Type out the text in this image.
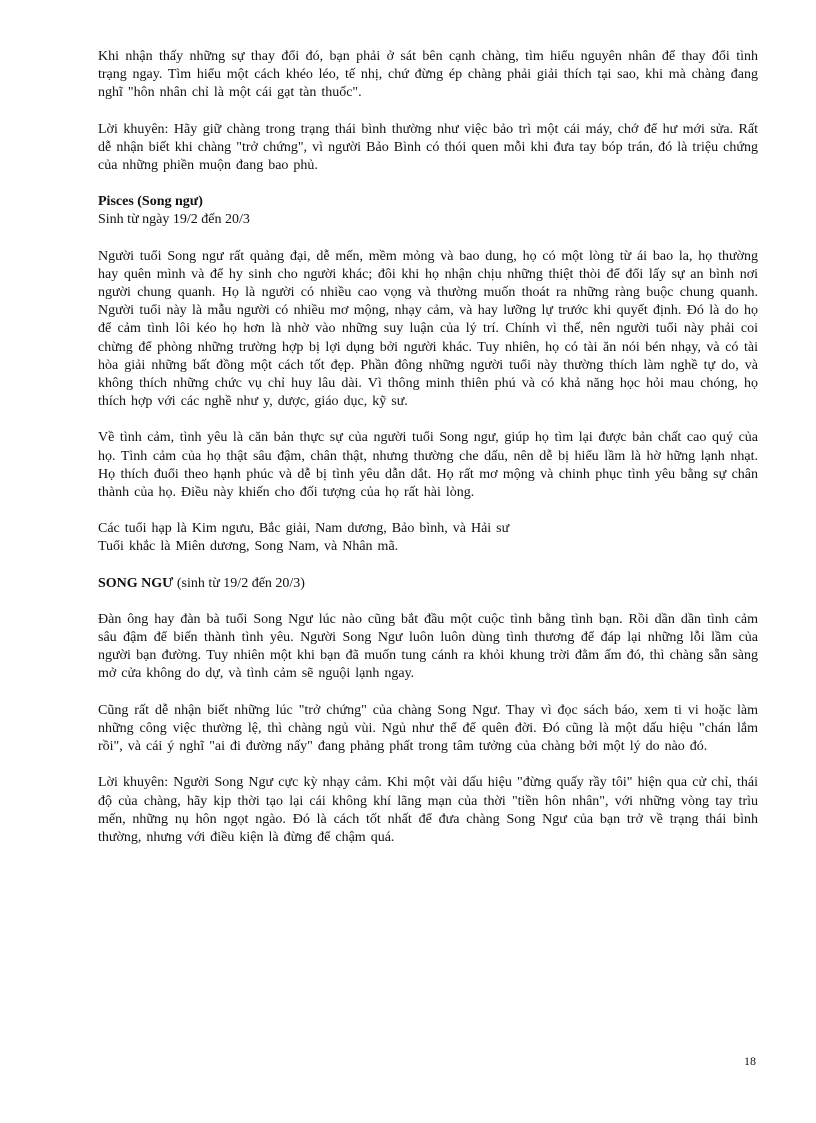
Khi nhận thấy những sự thay đổi đó, bạn phải ở sát bên cạnh chàng, tìm hiểu nguyên nhân để thay đổi tình trạng ngay. Tìm hiểu một cách khéo léo, tế nhị, chứ đừng ép chàng phải giải thích tại sao, khi mà chàng đang nghĩ "hôn nhân chỉ là một cái gạt tàn thuốc".

Lời khuyên: Hãy giữ chàng trong trạng thái bình thường như việc bảo trì một cái máy, chớ để hư mới sửa. Rất dễ nhận biết khi chàng "trở chứng", vì người Bảo Bình có thói quen mỗi khi đưa tay bóp trán, đó là triệu chứng của những phiền muộn đang bao phủ.

Pisces (Song ngư)
Sinh từ ngày 19/2 đến 20/3

Người tuổi Song ngư rất quảng đại, dễ mến, mềm mỏng và bao dung, họ có một lòng từ ái bao la, họ thường hay quên mình và để hy sinh cho người khác; đôi khi họ nhận chịu những thiệt thòi để đổi lấy sự an bình nơi người chung quanh. Họ là người có nhiều cao vọng và thường muốn thoát ra những ràng buộc chung quanh. Người tuổi này là mẫu người có nhiều mơ mộng, nhạy cảm, và hay lưỡng lự trước khi quyết định. Đó là do họ để cảm tình lôi kéo họ hơn là nhờ vào những suy luận của lý trí. Chính vì thế, nên người tuổi này phải coi chừng để phòng những trường hợp bị lợi dụng bởi người khác. Tuy nhiên, họ có tài ăn nói bén nhạy, và có tài hòa giải những bất đồng một cách tốt đẹp. Phần đông những người tuổi này thường thích làm nghề tự do, và không thích những chức vụ chỉ huy lâu dài. Vì thông minh thiên phú và có khả năng học hỏi mau chóng, họ thích hợp với các nghề như y, dược, giáo dục, kỹ sư.

Về tình cảm, tình yêu là căn bản thực sự của người tuổi Song ngư, giúp họ tìm lại được bản chất cao quý của họ. Tình cảm của họ thật sâu đậm, chân thật, nhưng thường che dấu, nên dễ bị hiểu lầm là hờ hững lạnh nhạt. Họ thích đuổi theo hạnh phúc và dễ bị tình yêu dẫn dắt. Họ rất mơ mộng và chinh phục tình yêu bằng sự chân thành của họ. Điều này khiến cho đối tượng của họ rất hài lòng.

Các tuổi hạp là Kim ngưu, Bắc giải, Nam dương, Bảo bình, và Hải sư
Tuổi khắc là Miên dương, Song Nam, và Nhân mã.

SONG NGƯ (sinh từ 19/2 đến 20/3)

Đàn ông hay đàn bà tuổi Song Ngư lúc nào cũng bắt đầu một cuộc tình bằng tình bạn. Rồi dần dần tình cảm sâu đậm để biến thành tình yêu. Người Song Ngư luôn luôn dùng tình thương để đáp lại những lỗi lầm của người bạn đường. Tuy nhiên một khi bạn đã muốn tung cánh ra khỏi khung trời đằm ấm đó, thì chàng sẵn sàng mở cửa không do dự, và tình cảm sẽ nguội lạnh ngay.

Cũng rất dễ nhận biết những lúc "trở chứng" của chàng Song Ngư. Thay vì đọc sách báo, xem ti vi hoặc làm những công việc thường lệ, thì chàng ngủ vùi. Ngủ như thể để quên đời. Đó cũng là một dấu hiệu "chán lắm rồi", và cái ý nghĩ "ai đi đường nấy" đang phảng phất trong tâm tưởng của chàng bởi một lý do nào đó.

Lời khuyên: Người Song Ngư cực kỳ nhạy cảm. Khi một vài dấu hiệu "đừng quấy rầy tôi" hiện qua cử chỉ, thái độ của chàng, hãy kịp thời tạo lại cái không khí lãng mạn của thời "tiền hôn nhân", với những vòng tay trìu mến, những nụ hôn ngọt ngào. Đó là cách tốt nhất để đưa chàng Song Ngư của bạn trở về trạng thái bình thường, nhưng với điều kiện là đừng để chậm quá.

18
